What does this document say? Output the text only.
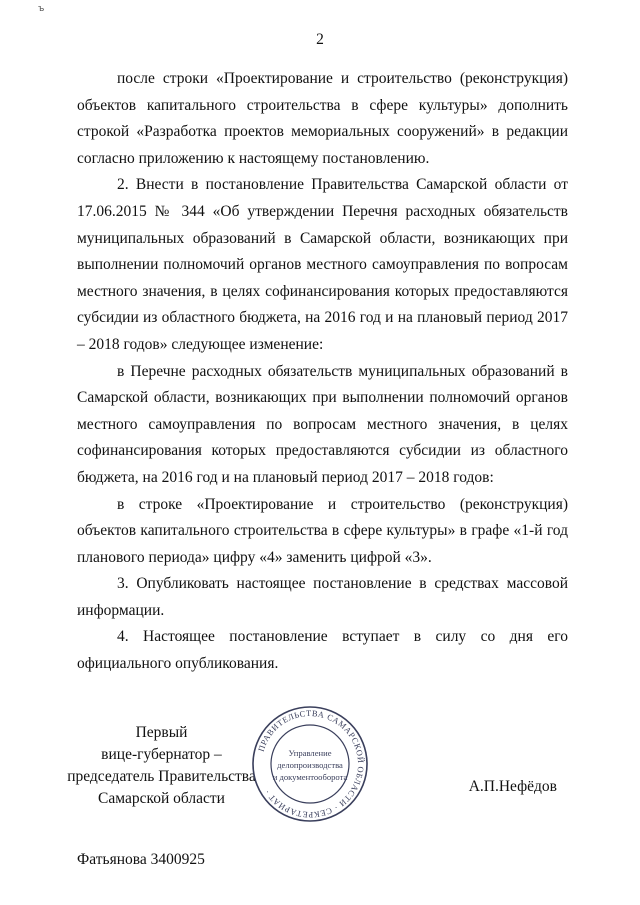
ъ
2

после строки «Проектирование и строительство (реконструкция) объектов капитального строительства в сфере культуры» дополнить строкой «Разработка проектов мемориальных сооружений» в редакции согласно приложению к настоящему постановлению.

2. Внести в постановление Правительства Самарской области от 17.06.2015 № 344 «Об утверждении Перечня расходных обязательств муниципальных образований в Самарской области, возникающих при выполнении полномочий органов местного самоуправления по вопросам местного значения, в целях софинансирования которых предоставляются субсидии из областного бюджета, на 2016 год и на плановый период 2017 – 2018 годов» следующее изменение:

в Перечне расходных обязательств муниципальных образований в Самарской области, возникающих при выполнении полномочий органов местного самоуправления по вопросам местного значения, в целях софинансирования которых предоставляются субсидии из областного бюджета, на 2016 год и на плановый период 2017 – 2018 годов:

в строке «Проектирование и строительство (реконструкция) объектов капитального строительства в сфере культуры» в графе «1-й год планового периода» цифру «4» заменить цифрой «3».

3. Опубликовать настоящее постановление в средствах массовой информации.

4. Настоящее постановление вступает в силу со дня его официального опубликования.

Первый
вице-губернатор –
председатель Правительства
Самарской области
ПРАВИТЕЛЬСТВА САМАРСКОЙ ОБЛАСТИ · СЕКРЕТАРИАТ ·
Управление
делопроизводства
и документооборота
А.П.Нефёдов
Фатьянова 3400925
